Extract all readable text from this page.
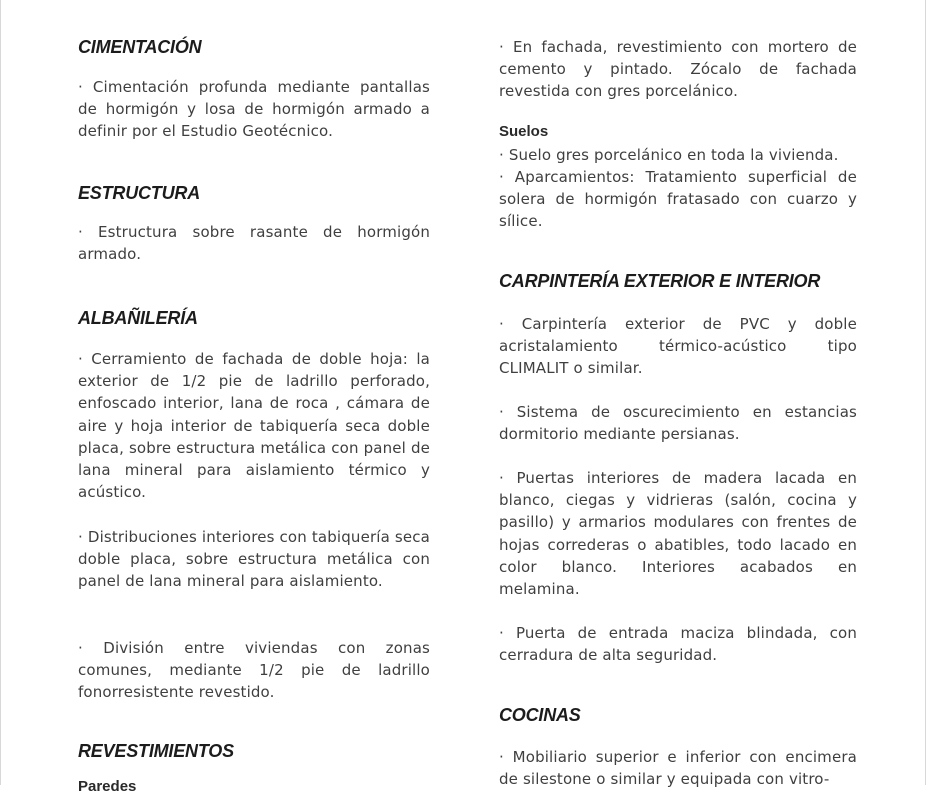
CIMENTACIÓN

· Cimentación profunda mediante pantallas de hormigón y losa de hormigón armado a definir por el Estudio Geotécnico.

ESTRUCTURA

· Estructura sobre rasante de hormigón armado.

ALBAÑILERÍA

· Cerramiento de fachada de doble hoja: la exterior de 1/2 pie de ladrillo perforado, enfoscado interior, lana de roca , cámara de aire y hoja interior de tabiquería seca doble placa, sobre estructura metálica con panel de lana mineral para aislamiento térmico y acústico.

· Distribuciones interiores con tabiquería seca doble placa, sobre estructura metálica con panel de lana mineral para aislamiento.

· División entre viviendas con zonas comunes, mediante 1/2 pie de ladrillo fonorresistente revestido.

REVESTIMIENTOS
Paredes

· En fachada, revestimiento con mortero de cemento y pintado. Zócalo de fachada revestida con gres porcelánico.

Suelos

· Suelo gres porcelánico en toda la vivienda.

· Aparcamientos: Tratamiento superficial de solera de hormigón fratasado con cuarzo y sílice.

CARPINTERÍA EXTERIOR E INTERIOR

· Carpintería exterior de PVC y doble acristalamiento térmico-acústico tipo CLIMALIT o similar.

· Sistema de oscurecimiento en estancias dormitorio mediante persianas.

· Puertas interiores de madera lacada en blanco, ciegas y vidrieras (salón, cocina y pasillo) y armarios modulares con frentes de hojas correderas o abatibles, todo lacado en color blanco. Interiores acabados en melamina.

· Puerta de entrada maciza blindada, con cerradura de alta seguridad.

COCINAS

· Mobiliario superior e inferior con encimera de silestone o similar y equipada con vitro-
